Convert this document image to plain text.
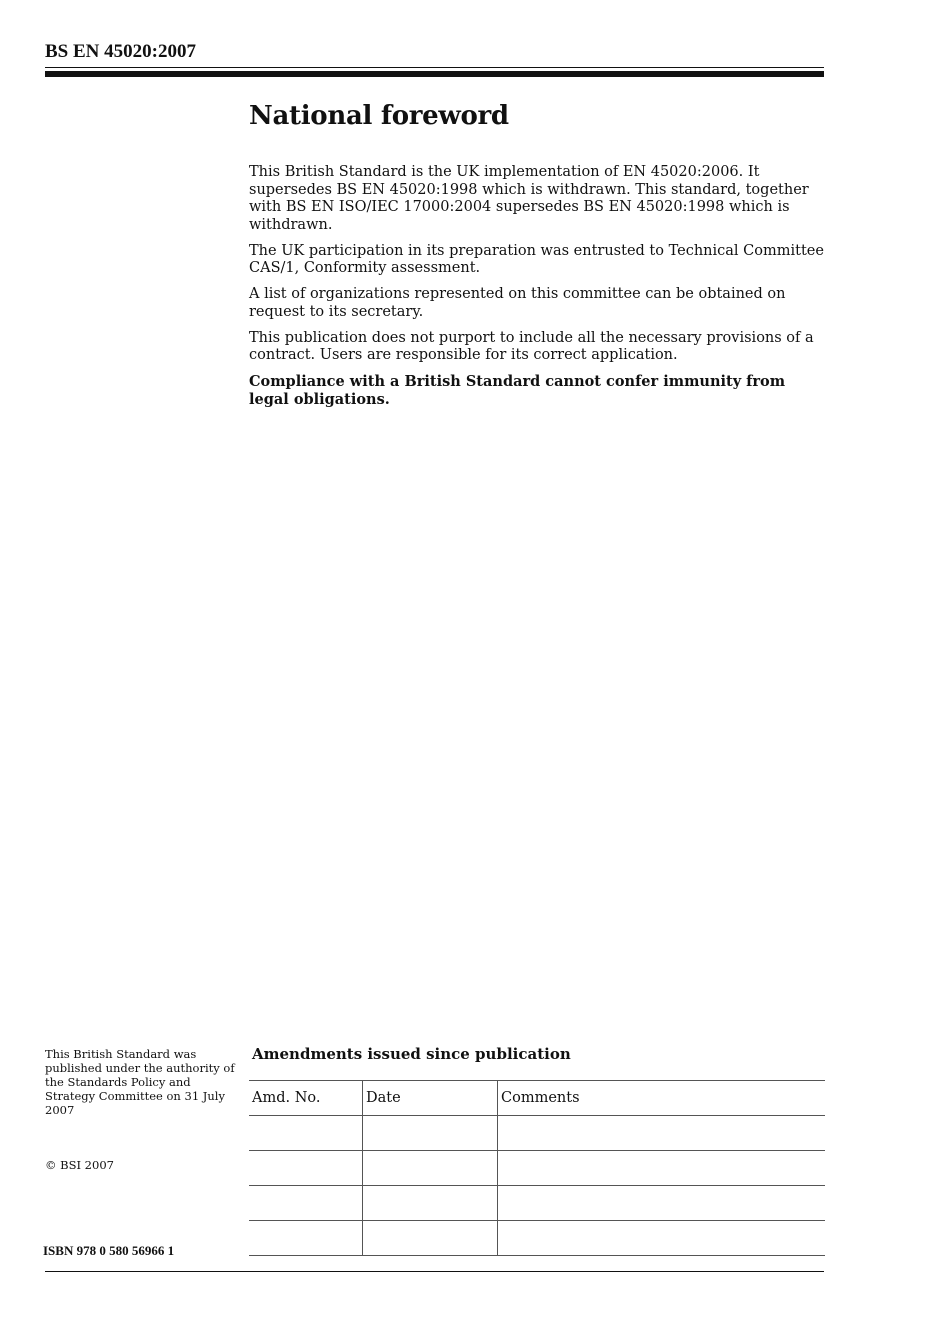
BS EN 45020:2007
National foreword

This British Standard is the UK implementation of EN 45020:2006. It supersedes BS EN 45020:1998 which is withdrawn. This standard, together with BS EN ISO/IEC 17000:2004 supersedes BS EN 45020:1998 which is withdrawn.

The UK participation in its preparation was entrusted to Technical Committee CAS/1, Conformity assessment.

A list of organizations represented on this committee can be obtained on request to its secretary.

This publication does not purport to include all the necessary provisions of a contract. Users are responsible for its correct application.

Compliance with a British Standard cannot confer immunity from legal obligations.

This British Standard was published under the authority of the Standards Policy and Strategy Committee on 31 July 2007

© BSI 2007

ISBN 978 0 580 56966 1

Amendments issued since publication
Amd. No.	Date	Comments
